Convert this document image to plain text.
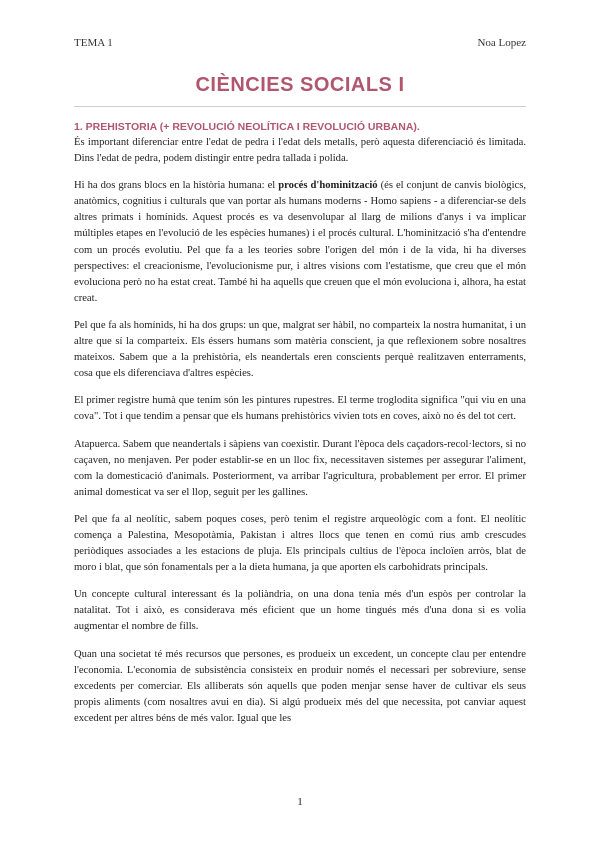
TEMA 1	Noa Lopez
CIÈNCIES SOCIALS I
1. PREHISTORIA (+ REVOLUCIÓ NEOLÍTICA I REVOLUCIÓ URBANA).

És important diferenciar entre l'edat de pedra i l'edat dels metalls, però aquesta diferenciació és limitada. Dins l'edat de pedra, podem distingir entre pedra tallada i polida.

Hi ha dos grans blocs en la història humana: el procés d'hominització (és el conjunt de canvis biològics, anatòmics, cognitius i culturals que van portar als humans moderns - Homo sapiens - a diferenciar-se dels altres primats i homínids. Aquest procés es va desenvolupar al llarg de milions d'anys i va implicar múltiples etapes en l'evolució de les espècies humanes) i el procés cultural. L'hominització s'ha d'entendre com un procés evolutiu. Pel que fa a les teories sobre l'origen del món i de la vida, hi ha diverses perspectives: el creacionisme, l'evolucionisme pur, i altres visions com l'estatisme, que creu que el món evoluciona però no ha estat creat. També hi ha aquells que creuen que el món evoluciona i, alhora, ha estat creat.

Pel que fa als homínids, hi ha dos grups: un que, malgrat ser hàbil, no comparteix la nostra humanitat, i un altre que sí la comparteix. Els éssers humans som matèria conscient, ja que reflexionem sobre nosaltres mateixos. Sabem que a la prehistòria, els neandertals eren conscients perquè realitzaven enterraments, cosa que els diferenciava d'altres espècies.

El primer registre humà que tenim són les pintures rupestres. El terme troglodita significa "qui viu en una cova". Tot i que tendim a pensar que els humans prehistòrics vivien tots en coves, això no és del tot cert.

Atapuerca. Sabem que neandertals i sàpiens van coexistir. Durant l'època dels caçadors-recol·lectors, si no caçaven, no menjaven. Per poder establir-se en un lloc fix, necessitaven sistemes per assegurar l'aliment, com la domesticació d'animals. Posteriorment, va arribar l'agricultura, probablement per error. El primer animal domesticat va ser el llop, seguit per les gallines.

Pel que fa al neolític, sabem poques coses, però tenim el registre arqueològic com a font. El neolític comença a Palestina, Mesopotàmia, Pakistan i altres llocs que tenen en comú rius amb crescudes periòdiques associades a les estacions de pluja. Els principals cultius de l'època incloïen arròs, blat de moro i blat, que són fonamentals per a la dieta humana, ja que aporten els carbohidrats principals.

Un concepte cultural interessant és la poliàndria, on una dona tenia més d'un espòs per controlar la natalitat. Tot i això, es considerava més eficient que un home tingués més d'una dona si es volia augmentar el nombre de fills.

Quan una societat té més recursos que persones, es produeix un excedent, un concepte clau per entendre l'economia. L'economia de subsistència consisteix en produir només el necessari per sobreviure, sense excedents per comerciar. Els alliberats són aquells que poden menjar sense haver de cultivar els seus propis aliments (com nosaltres avui en dia). Si algú produeix més del que necessita, pot canviar aquest excedent per altres béns de més valor. Igual que les

1
